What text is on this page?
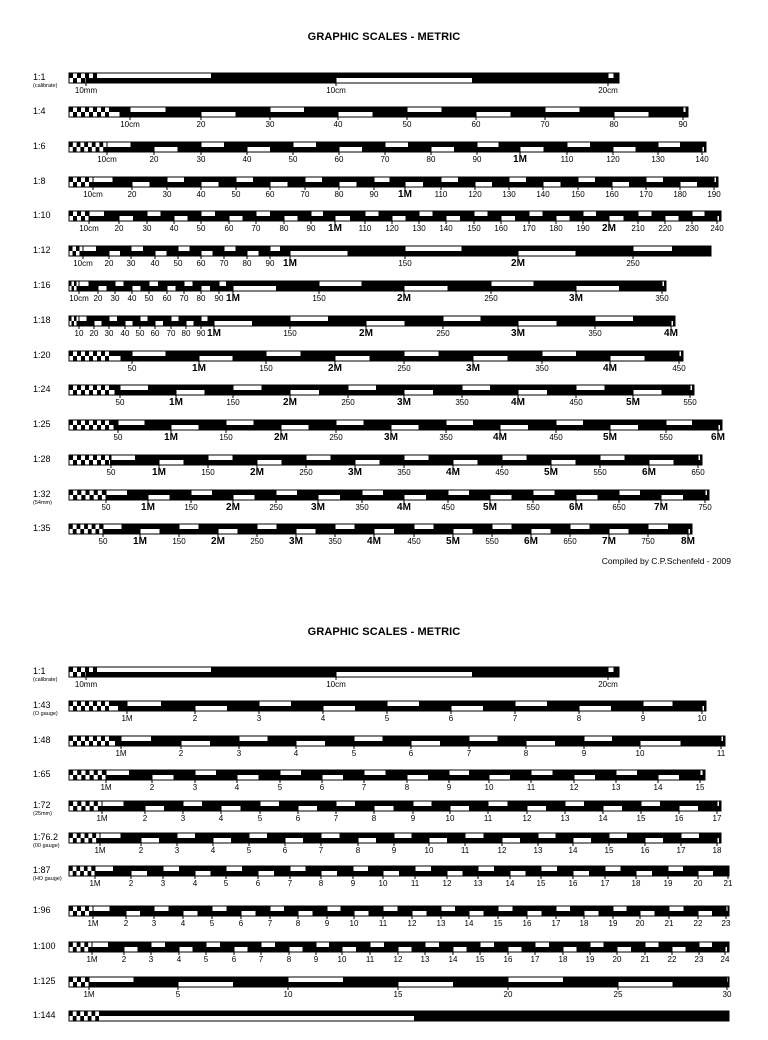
GRAPHIC SCALES - METRIC
1:1
(calibrate) 10mm	10cm	20cm
1:4
10cm	20	30	40	50	60	70	80	90
1:6
10cm	20	30	40	50	60	70	80	90	1M	110	120	130	140
1:8
10cm	20	30	40	50	60	70	80	90 1M	110	120	130	140	150	160	170	180	190
1:10
10cm 20 30 40 50 60 70 80 90 1M 110 120 130 140 150 160 170 180 190 2M 210 220 230 240
1:12
10cm 20 30 40 50 60 70 80 90 1M	150	2M	250
1:16
10cm 20 30 40 50 60 70 80 90 1M	150	2M	250	3M	350
1:18
10 20 30 40 50 60 70 80 90 1M	150	2M	250	3M	350	4M
1:20
50	1M	150	2M	250	3M	350	4M	450
1:24
50	1M	150	2M	250	3M	350	4M	450	5M	550
1:25
50	1M	150	2M	250	3M	350	4M	450	5M	550	6M
1:28
50	1M	150	2M	250	3M	350	4M	450	5M	550	6M	650
1:32
(54mm)	50	1M	150	2M	250	3M	350	4M	450	5M	550	6M	650	7M	750
1:35
50	1M	150	2M	250	3M	350	4M	450	5M	550	6M	650	7M	750	8M
Compiled by C.P.Schenfeld - 2009
GRAPHIC SCALES - METRIC
1:1
(calibrate) 10mm	10cm	20cm
1:43
(O gauge)	1M	2	3	4	5	6	7	8	9	10
1:48
1M	2	3	4	5	6	7	8	9	10	11
1:65
1M	2	3	4	5	6	7	8	9	10	11	12	13	14	15
1:72
(25mm)	1M	2	3	4	5	6	7	8	9	10	11	12	13	14	15	16	17
1:76.2
(00 gauge)	1M	2	3	4	5	6	7	8	9	10	11	12	13	14	15	16	17	18
1:87
(HO gauge)	1M	2	3	4	5	6	7	8	9	10	11	12	13	14	15	16	17	18	19	20	21
1:96
1M	2	3	4	5	6	7	8	9	10	11	12	13 14	15	16	17 18	19 20	21	22 23
1:100
1M	2	3	4	5	6	7	8	9 10 11 12 13 14 15 16 17 18 19 20 21 22 23 24
1:125
1M	5	10	15	20	25	30
1:144
